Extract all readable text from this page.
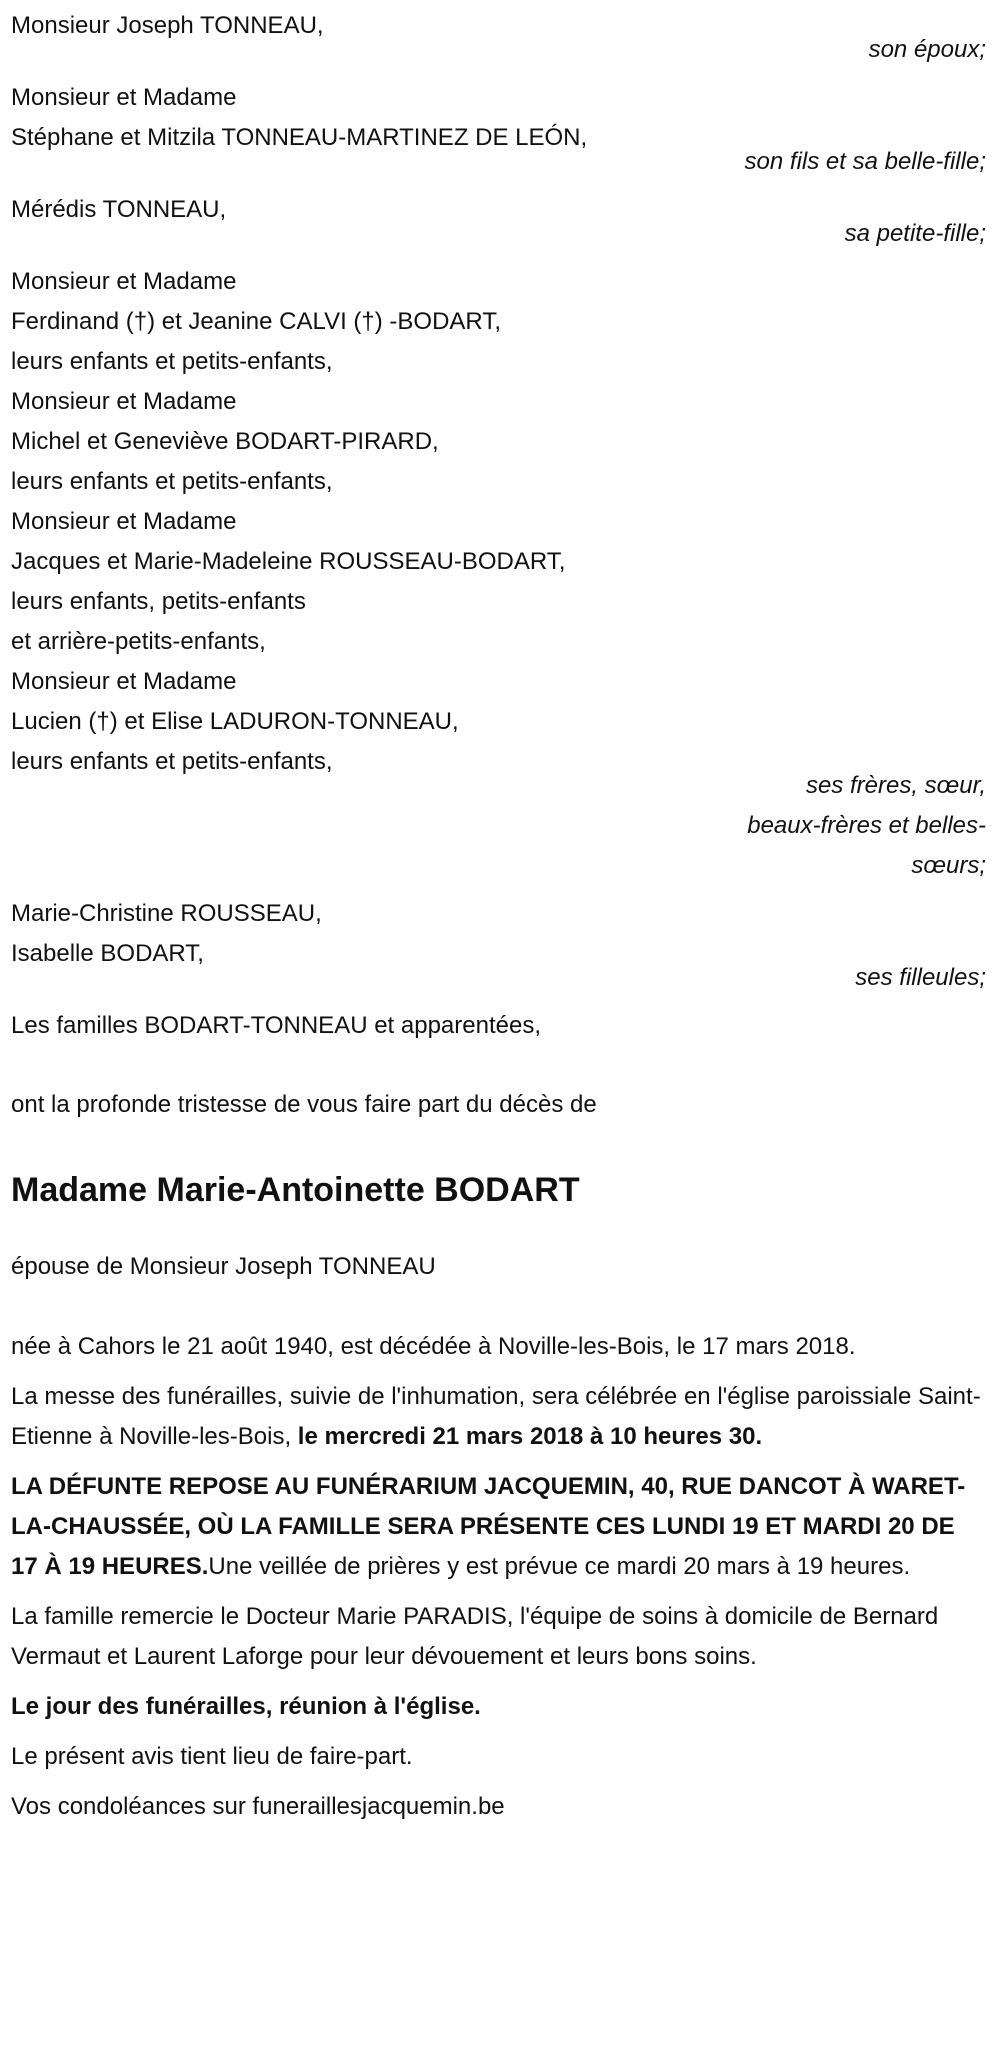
Monsieur Joseph TONNEAU,
son époux;
Monsieur et Madame
Stéphane et Mitzila TONNEAU-MARTINEZ DE LEÓN,
son fils et sa belle-fille;
Mérédis TONNEAU,
sa petite-fille;
Monsieur et Madame
Ferdinand (†) et Jeanine CALVI (†) -BODART,
leurs enfants et petits-enfants,
Monsieur et Madame
Michel et Geneviève BODART-PIRARD,
leurs enfants et petits-enfants,
Monsieur et Madame
Jacques et Marie-Madeleine ROUSSEAU-BODART,
leurs enfants, petits-enfants
et arrière-petits-enfants,
Monsieur et Madame
Lucien (†) et Elise LADURON-TONNEAU,
leurs enfants et petits-enfants,
ses frères, sœur, beaux-frères et belles-sœurs;
Marie-Christine ROUSSEAU,
Isabelle BODART,
ses filleules;
Les familles BODART-TONNEAU et apparentées,
ont la profonde tristesse de vous faire part du décès de
Madame Marie-Antoinette BODART
épouse de Monsieur Joseph TONNEAU
née à Cahors le 21 août 1940, est décédée à Noville-les-Bois, le 17 mars 2018.
La messe des funérailles, suivie de l'inhumation, sera célébrée en l'église paroissiale Saint-Etienne à Noville-les-Bois, le mercredi 21 mars 2018 à 10 heures 30.
LA DÉFUNTE REPOSE AU FUNÉRARIUM JACQUEMIN, 40, RUE DANCOT À WARET-LA-CHAUSSÉE, OÙ LA FAMILLE SERA PRÉSENTE CES LUNDI 19 ET MARDI 20 DE 17 À 19 HEURES.Une veillée de prières y est prévue ce mardi 20 mars à 19 heures.
La famille remercie le Docteur Marie PARADIS, l'équipe de soins à domicile de Bernard Vermaut et Laurent Laforge pour leur dévouement et leurs bons soins.
Le jour des funérailles, réunion à l'église.
Le présent avis tient lieu de faire-part.
Vos condoléances sur funeraillesjacquemin.be
